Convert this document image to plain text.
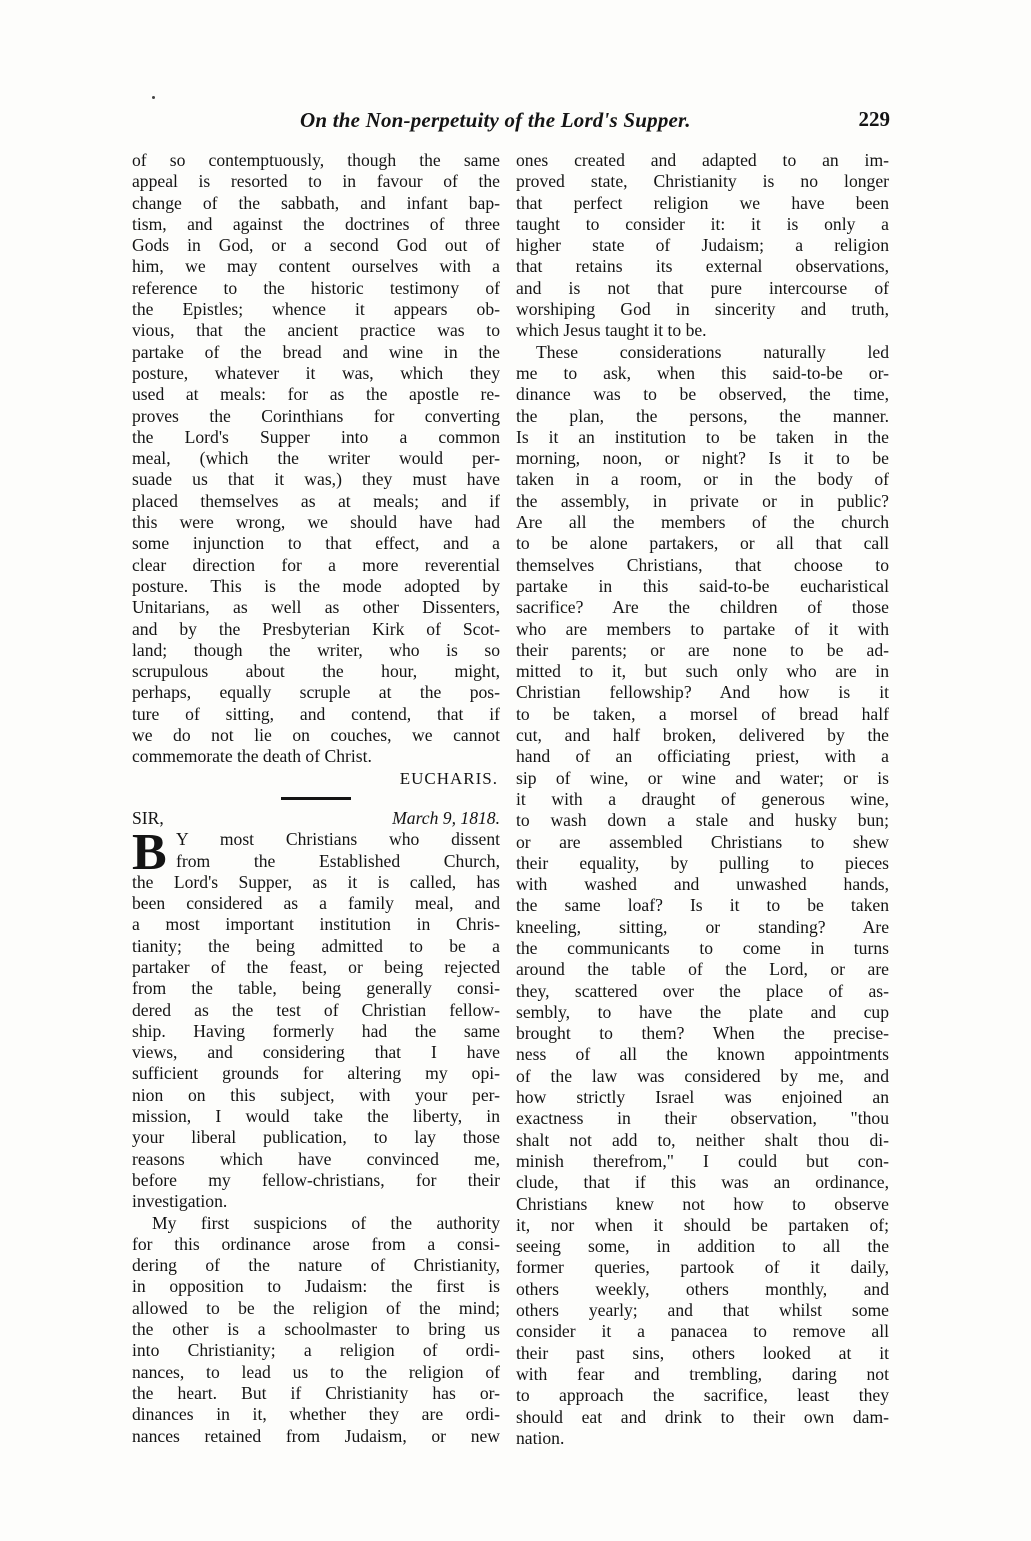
On the Non-perpetuity of the Lord's Supper.	229
of so contemptuously, though the same
appeal is resorted to in favour of the
change of the sabbath, and infant bap-
tism, and against the doctrines of three
Gods in God, or a second God out of
him, we may content ourselves with a
reference to the historic testimony of
the Epistles; whence it appears ob-
vious, that the ancient practice was to
partake of the bread and wine in the
posture, whatever it was, which they
used at meals: for as the apostle re-
proves the Corinthians for converting
the Lord's Supper into a common
meal, (which the writer would per-
suade us that it was,) they must have
placed themselves as at meals; and if
this were wrong, we should have had
some injunction to that effect, and a
clear direction for a more reverential
posture. This is the mode adopted by
Unitarians, as well as other Dissenters,
and by the Presbyterian Kirk of Scot-
land; though the writer, who is so
scrupulous about the hour, might,
perhaps, equally scruple at the pos-
ture of sitting, and contend, that if
we do not lie on couches, we cannot
commemorate the death of Christ.
EUCHARIS.
SIR,	March 9, 1818.
B Y most Christians who dissent
from the Established Church,
the Lord's Supper, as it is called, has
been considered as a family meal, and
a most important institution in Chris-
tianity; the being admitted to be a
partaker of the feast, or being rejected
from the table, being generally consi-
dered as the test of Christian fellow-
ship. Having formerly had the same
views, and considering that I have
sufficient grounds for altering my opi-
nion on this subject, with your per-
mission, I would take the liberty, in
your liberal publication, to lay those
reasons which have convinced me,
before my fellow-christians, for their
investigation.
My first suspicions of the authority
for this ordinance arose from a consi-
dering of the nature of Christianity,
in opposition to Judaism: the first is
allowed to be the religion of the mind;
the other is a schoolmaster to bring us
into Christianity; a religion of ordi-
nances, to lead us to the religion of
the heart. But if Christianity has or-
dinances in it, whether they are ordi-
nances retained from Judaism, or new
ones created and adapted to an im-
proved state, Christianity is no longer
that perfect religion we have been
taught to consider it: it is only a
higher state of Judaism; a religion
that retains its external observations,
and is not that pure intercourse of
worshiping God in sincerity and truth,
which Jesus taught it to be.
These considerations naturally led
me to ask, when this said-to-be or-
dinance was to be observed, the time,
the plan, the persons, the manner.
Is it an institution to be taken in the
morning, noon, or night? Is it to be
taken in a room, or in the body of
the assembly, in private or in public?
Are all the members of the church
to be alone partakers, or all that call
themselves Christians, that choose to
partake in this said-to-be eucharistical
sacrifice? Are the children of those
who are members to partake of it with
their parents; or are none to be ad-
mitted to it, but such only who are in
Christian fellowship? And how is it
to be taken, a morsel of bread half
cut, and half broken, delivered by the
hand of an officiating priest, with a
sip of wine, or wine and water; or is
it with a draught of generous wine,
to wash down a stale and husky bun;
or are assembled Christians to shew
their equality, by pulling to pieces
with washed and unwashed hands,
the same loaf? Is it to be taken
kneeling, sitting, or standing? Are
the communicants to come in turns
around the table of the Lord, or are
they, scattered over the place of as-
sembly, to have the plate and cup
brought to them? When the precise-
ness of all the known appointments
of the law was considered by me, and
how strictly Israel was enjoined an
exactness in their observation, "thou
shalt not add to, neither shalt thou di-
minish therefrom," I could but con-
clude, that if this was an ordinance,
Christians knew not how to observe
it, nor when it should be partaken of;
seeing some, in addition to all the
former queries, partook of it daily,
others weekly, others monthly, and
others yearly; and that whilst some
consider it a panacea to remove all
their past sins, others looked at it
with fear and trembling, daring not
to approach the sacrifice, least they
should eat and drink to their own dam-
nation.
